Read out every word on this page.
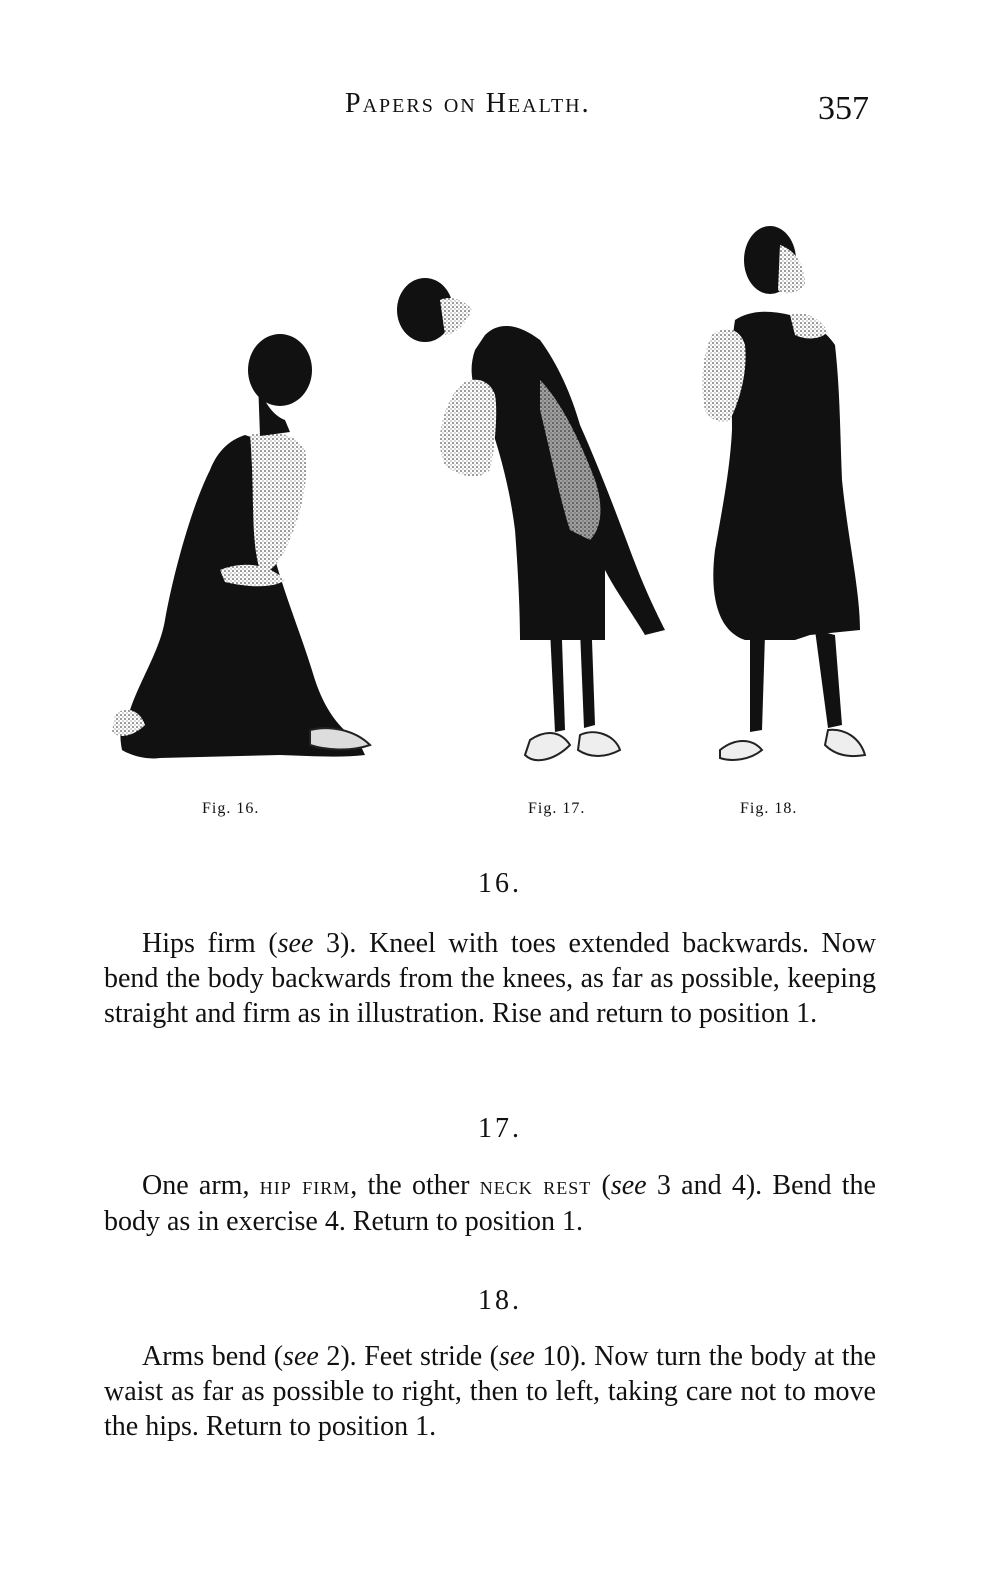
Papers on Health.	357
Fig. 16.	Fig. 17.	Fig. 18.
16.

Hips firm (see 3). Kneel with toes extended backwards. Now bend the body backwards from the knees, as far as possible, keeping straight and firm as in illustration. Rise and return to position 1.

17.

One arm, hip firm, the other neck rest (see 3 and 4). Bend the body as in exercise 4. Return to position 1.

18.

Arms bend (see 2). Feet stride (see 10). Now turn the body at the waist as far as possible to right, then to left, taking care not to move the hips. Return to position 1.
